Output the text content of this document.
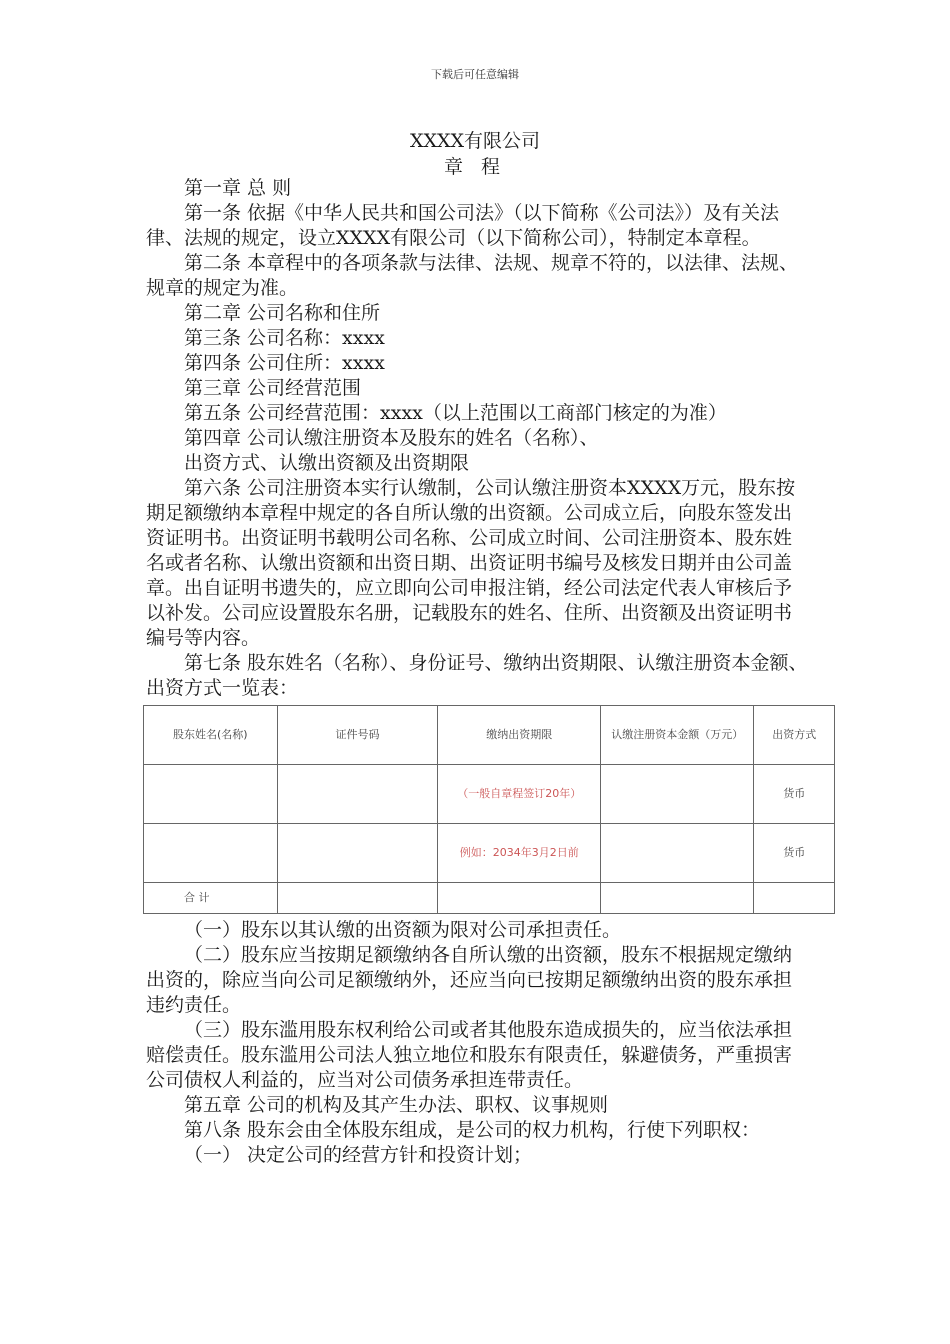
下载后可任意编辑
XXXX有限公司
章 程

第一章 总 则

第一条 依据《中华人民共和国公司法》（以下简称《公司法》）及有关法律、法规的规定，设立XXXX有限公司（以下简称公司），特制定本章程。

第二条 本章程中的各项条款与法律、法规、规章不符的，以法律、法规、规章的规定为准。

第二章 公司名称和住所

第三条 公司名称：xxxx

第四条 公司住所：xxxx

第三章 公司经营范围

第五条 公司经营范围：xxxx（以上范围以工商部门核定的为准）

第四章 公司认缴注册资本及股东的姓名（名称）、

出资方式、认缴出资额及出资期限

第六条 公司注册资本实行认缴制，公司认缴注册资本XXXX万元，股东按期足额缴纳本章程中规定的各自所认缴的出资额。公司成立后，向股东签发出资证明书。出资证明书载明公司名称、公司成立时间、公司注册资本、股东姓名或者名称、认缴出资额和出资日期、出资证明书编号及核发日期并由公司盖章。出自证明书遗失的，应立即向公司申报注销，经公司法定代表人审核后予以补发。公司应设置股东名册，记载股东的姓名、住所、出资额及出资证明书编号等内容。

第七条 股东姓名（名称）、身份证号、缴纳出资期限、认缴注册资本金额、出资方式一览表：

股东姓名(名称)	证件号码	缴纳出资期限	认缴注册资本金额（万元）	出资方式
		（一般自章程签订20年）		货币
		例如：2034年3月2日前		货币
合 计				

（一）股东以其认缴的出资额为限对公司承担责任。

（二）股东应当按期足额缴纳各自所认缴的出资额，股东不根据规定缴纳出资的，除应当向公司足额缴纳外，还应当向已按期足额缴纳出资的股东承担违约责任。

（三）股东滥用股东权利给公司或者其他股东造成损失的，应当依法承担赔偿责任。股东滥用公司法人独立地位和股东有限责任，躲避债务，严重损害公司债权人利益的，应当对公司债务承担连带责任。

第五章 公司的机构及其产生办法、职权、议事规则

第八条 股东会由全体股东组成，是公司的权力机构，行使下列职权：

（一） 决定公司的经营方针和投资计划；
